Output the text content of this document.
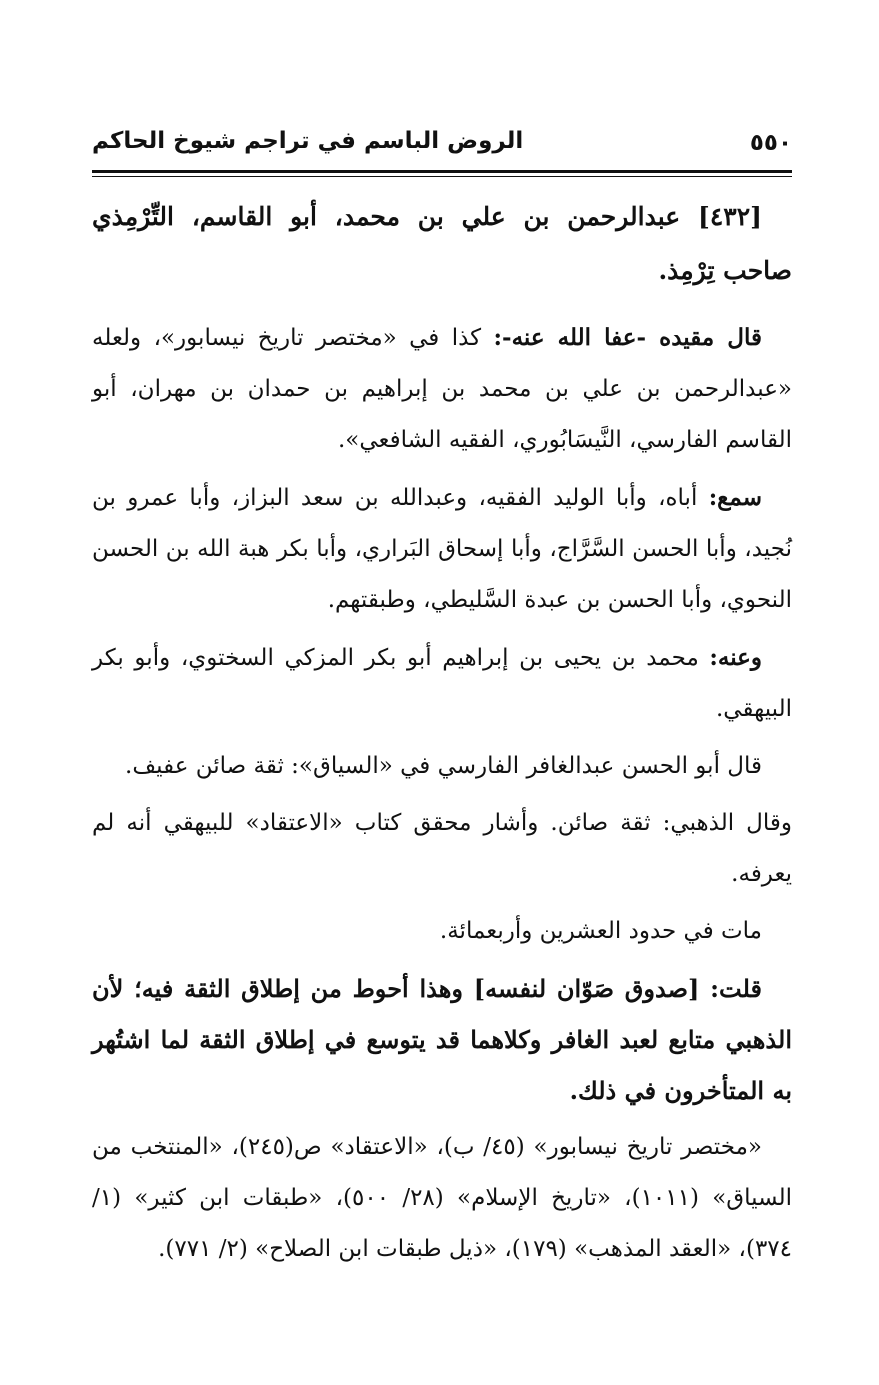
٥٥٠
الروض الباسم في تراجم شيوخ الحاكم

[٤٣٢] عبدالرحمن بن علي بن محمد، أبو القاسم، التِّرْمِذي صاحب تِرْمِذ.

قال مقيده -عفا الله عنه-: كذا في «مختصر تاريخ نيسابور»، ولعله «عبدالرحمن بن علي بن محمد بن إبراهيم بن حمدان بن مهران، أبو القاسم الفارسي، النَّيسَابُوري، الفقيه الشافعي».

سمع: أباه، وأبا الوليد الفقيه، وعبدالله بن سعد البزاز، وأبا عمرو بن نُجيد، وأبا الحسن السَّرَّاج، وأبا إسحاق البَراري، وأبا بكر هبة الله بن الحسن النحوي، وأبا الحسن بن عبدة السَّليطي، وطبقتهم.

وعنه: محمد بن يحيى بن إبراهيم أبو بكر المزكي السختوي، وأبو بكر البيهقي.

قال أبو الحسن عبدالغافر الفارسي في «السياق»: ثقة صائن عفيف.

وقال الذهبي: ثقة صائن. وأشار محقق كتاب «الاعتقاد» للبيهقي أنه لم يعرفه.

مات في حدود العشرين وأربعمائة.

قلت: [صدوق صَوّان لنفسه] وهذا أحوط من إطلاق الثقة فيه؛ لأن الذهبي متابع لعبد الغافر وكلاهما قد يتوسع في إطلاق الثقة لما اشتُهر به المتأخرون في ذلك.

«مختصر تاريخ نيسابور» (٤٥/ ب)، «الاعتقاد» ص(٢٤٥)، «المنتخب من السياق» (١٠١١)، «تاريخ الإسلام» (٢٨/ ٥٠٠)، «طبقات ابن كثير» (١/ ٣٧٤)، «العقد المذهب» (١٧٩)، «ذيل طبقات ابن الصلاح» (٢/ ٧٧١).
